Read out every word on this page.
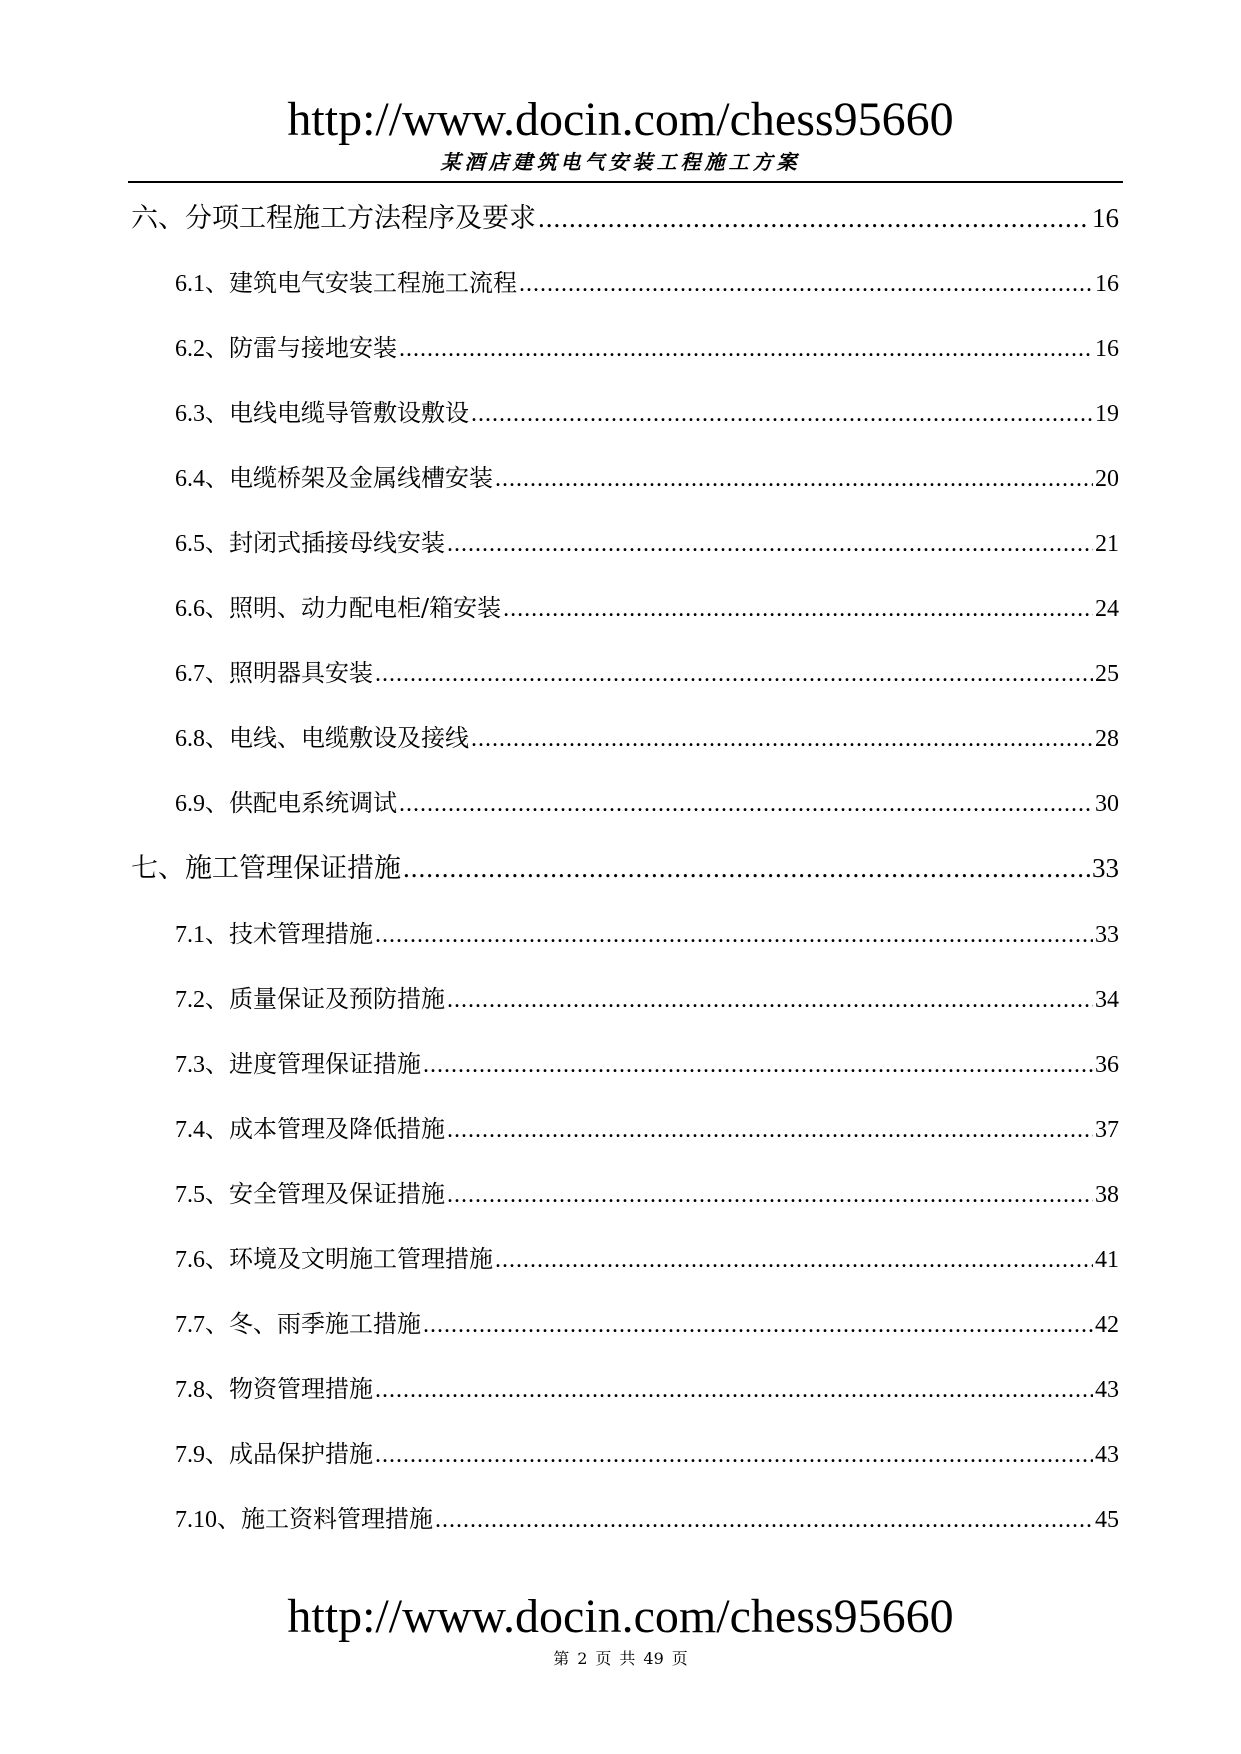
http://www.docin.com/chess95660
某酒店建筑电气安装工程施工方案
六、 分项工程施工方法程序及要求 .....	16
6.1、 建筑电气安装工程施工流程 .....	16
6.2、 防雷与接地安装 .....	16
6.3、 电线电缆导管敷设敷设 .....	19
6.4、 电缆桥架及金属线槽安装 .....	20
6.5、 封闭式插接母线安装 .....	21
6.6、 照明、动力配电柜/箱安装 .....	24
6.7、 照明器具安装 .....	25
6.8、 电线、电缆敷设及接线 .....	28
6.9、 供配电系统调试 .....	30
七、 施工管理保证措施 .....	33
7.1、 技术管理措施 .....	33
7.2、 质量保证及预防措施 .....	34
7.3、 进度管理保证措施 .....	36
7.4、 成本管理及降低措施 .....	37
7.5、 安全管理及保证措施 .....	38
7.6、 环境及文明施工管理措施 .....	41
7.7、 冬、雨季施工措施 .....	42
7.8、 物资管理措施 .....	43
7.9、 成品保护措施 .....	43
7.10、 施工资料管理措施 .....	45
http://www.docin.com/chess95660
第 2 页 共 49 页
